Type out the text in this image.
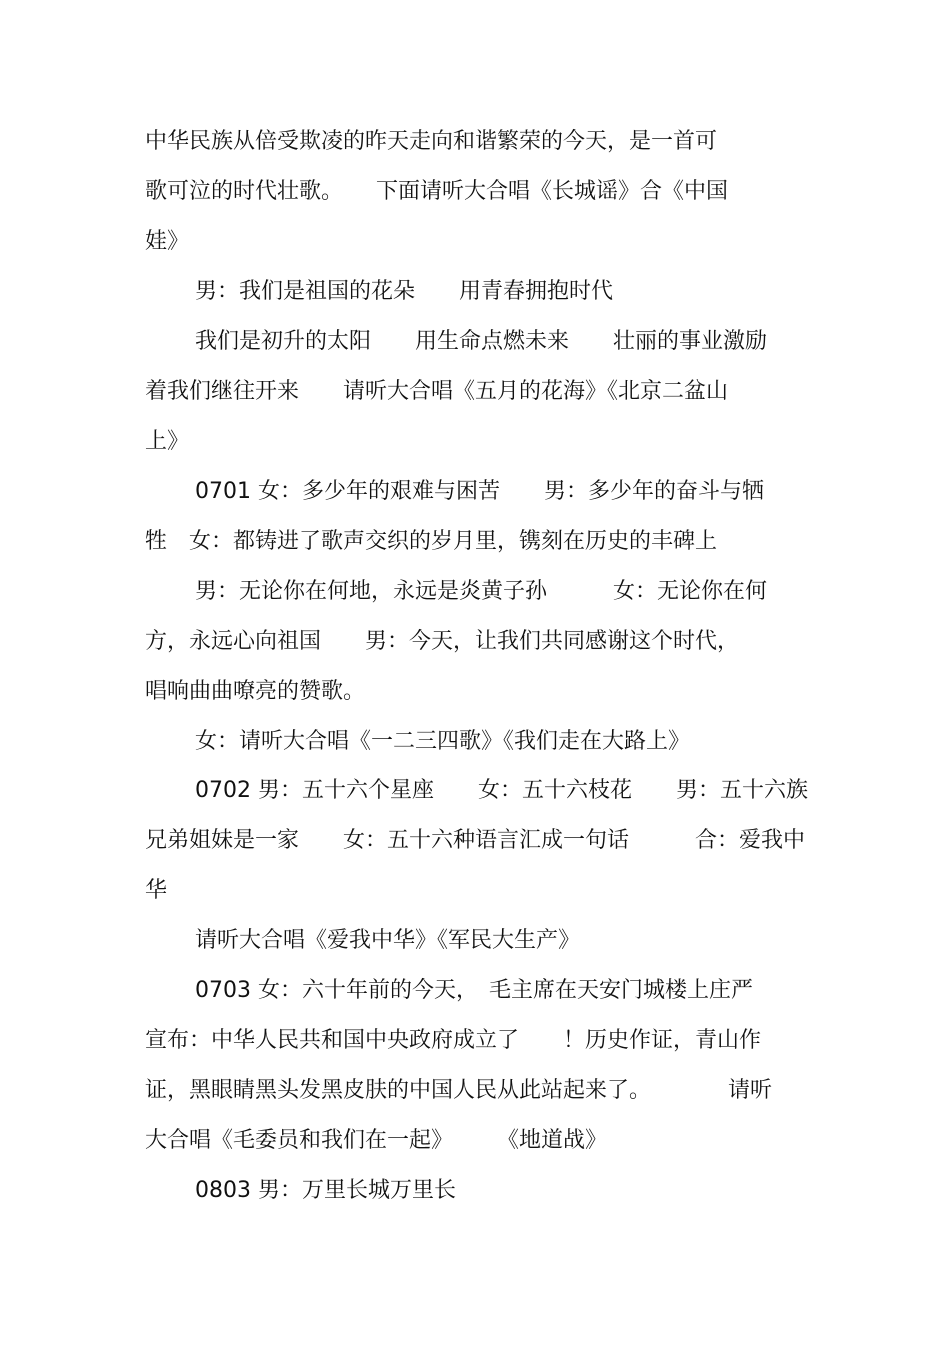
中华民族从倍受欺凌的昨天走向和谐繁荣的今天，是一首可
歌可泣的时代壮歌。　　下面请听大合唱《长城谣》合《中国
娃》
男：我们是祖国的花朵　　用青春拥抱时代
我们是初升的太阳　　用生命点燃未来　　壮丽的事业激励
着我们继往开来　　请听大合唱《五月的花海》《北京二盆山
上》
0701 女：多少年的艰难与困苦　　男：多少年的奋斗与牺
牲　女：都铸进了歌声交织的岁月里，镌刻在历史的丰碑上
男：无论你在何地，永远是炎黄子孙　　　女：无论你在何
方，永远心向祖国　　男：今天，让我们共同感谢这个时代，
唱响曲曲嘹亮的赞歌。
女：请听大合唱《一二三四歌》《我们走在大路上》
0702 男：五十六个星座　　女：五十六枝花　　男：五十六族
兄弟姐妹是一家　　女：五十六种语言汇成一句话　　　合：爱我中
华
请听大合唱《爱我中华》《军民大生产》
0703 女：六十年前的今天，　毛主席在天安门城楼上庄严
宣布：中华人民共和国中央政府成立了　　！历史作证，青山作
证，黑眼睛黑头发黑皮肤的中国人民从此站起来了。　　　　请听
大合唱《毛委员和我们在一起》　　　《地道战》
0803 男：万里长城万里长
